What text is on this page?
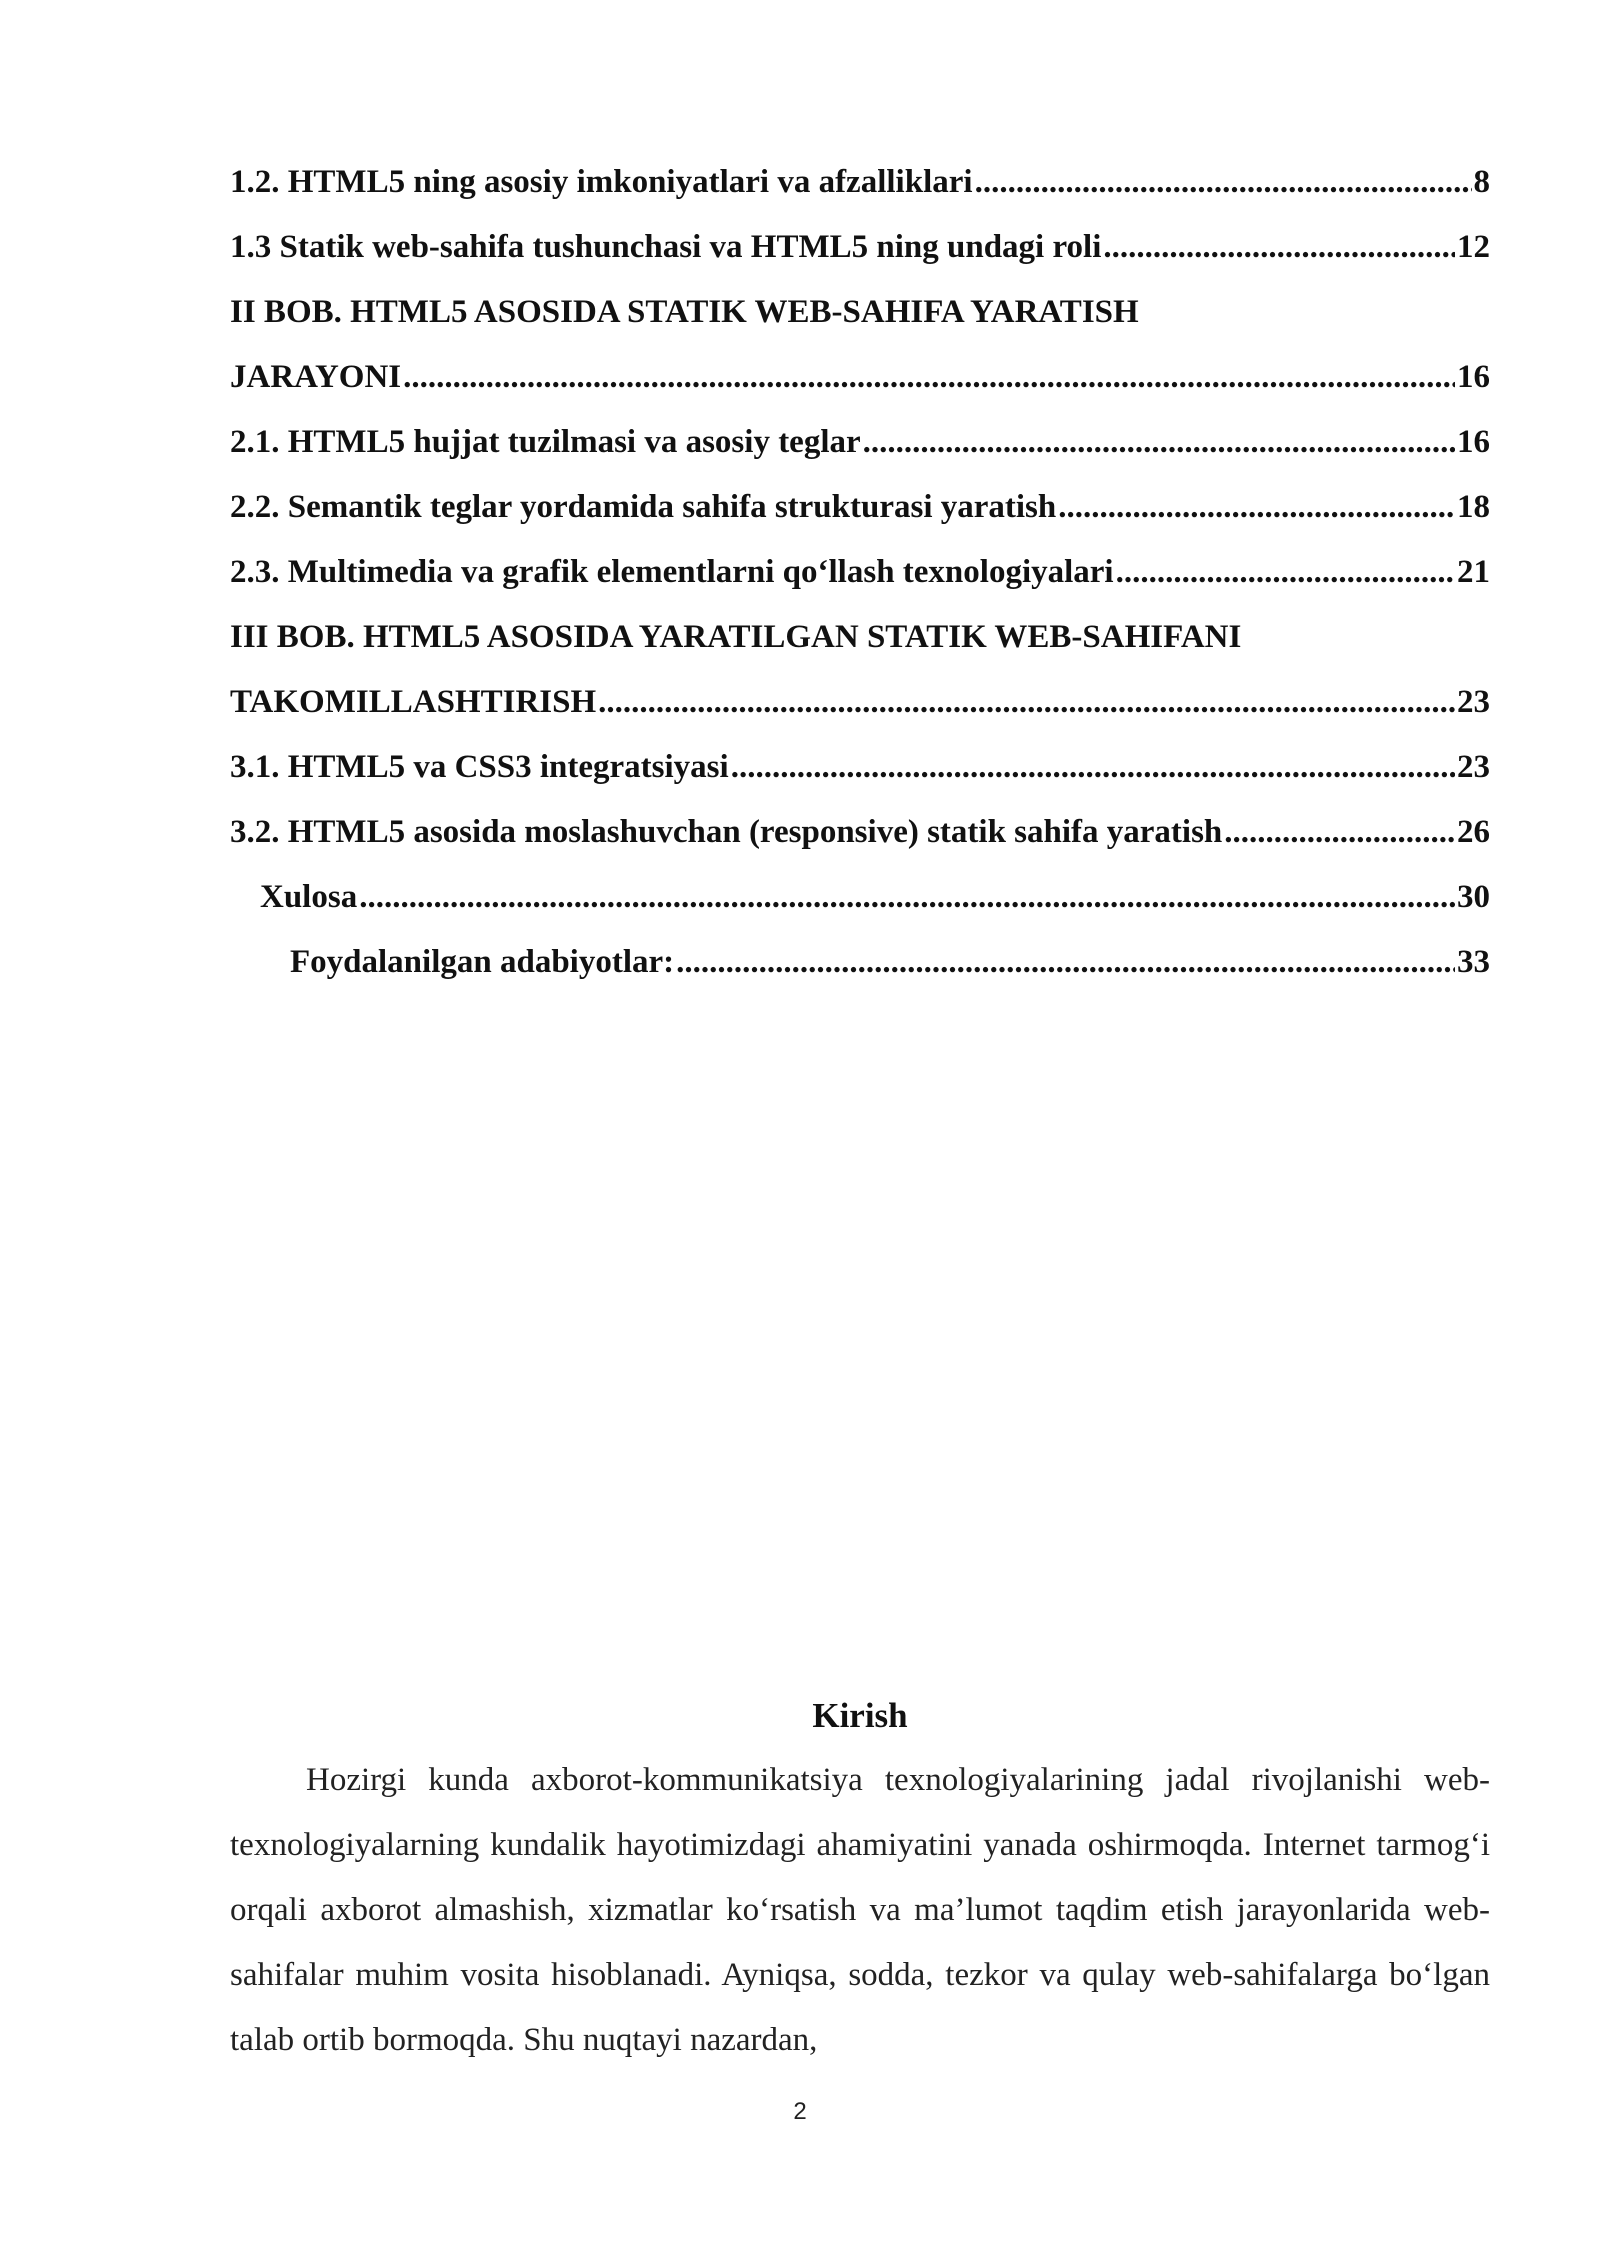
1.2. HTML5 ning asosiy imkoniyatlari va afzalliklari .....	8
1.3 Statik web-sahifa tushunchasi va HTML5 ning undagi roli .....	12
II BOB. HTML5 ASOSIDA STATIK WEB-SAHIFA YARATISH
JARAYONI .....	16
2.1. HTML5 hujjat tuzilmasi va asosiy teglar .....	16
2.2. Semantik teglar yordamida sahifa strukturasi yaratish .....	18
2.3. Multimedia va grafik elementlarni qo‘llash texnologiyalari .....	21
III BOB. HTML5 ASOSIDA YARATILGAN STATIK WEB-SAHIFANI
TAKOMILLASHTIRISH .....	23
3.1. HTML5 va CSS3 integratsiyasi .....	23
3.2. HTML5 asosida moslashuvchan (responsive) statik sahifa yaratish .....	26
Xulosa .....	30
Foydalanilgan adabiyotlar: .....	33
Kirish

Hozirgi kunda axborot-kommunikatsiya texnologiyalarining jadal rivojlanishi web-texnologiyalarning kundalik hayotimizdagi ahamiyatini yanada oshirmoqda. Internet tarmog‘i orqali axborot almashish, xizmatlar ko‘rsatish va ma’lumot taqdim etish jarayonlarida web-sahifalar muhim vosita hisoblanadi. Ayniqsa, sodda, tezkor va qulay web-sahifalarga bo‘lgan talab ortib bormoqda. Shu nuqtayi nazardan,

2
